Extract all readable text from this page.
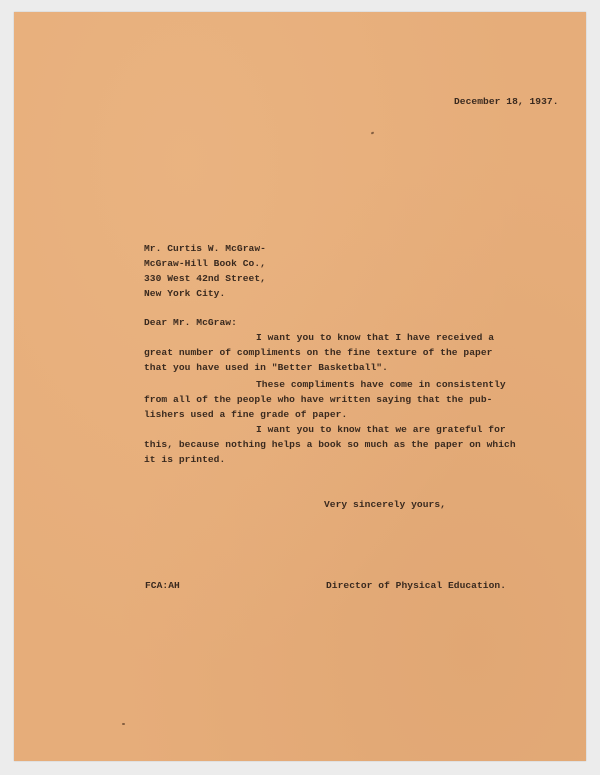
December 18, 1937.

Mr. Curtis W. McGraw-

McGraw-Hill Book Co.,

330 West 42nd Street,

New York City.

Dear Mr. McGraw:

I want you to know that I have received a

great number of compliments on the fine texture of the paper

that you have used in "Better Basketball".

These compliments have come in consistently

from all of the people who have written saying that the pub-

lishers used a fine grade of paper.

I want you to know that we are grateful for

this, because nothing helps a book so much as the paper on which

it is printed.

Very sincerely yours,

FCA:AH	Director of Physical Education.
